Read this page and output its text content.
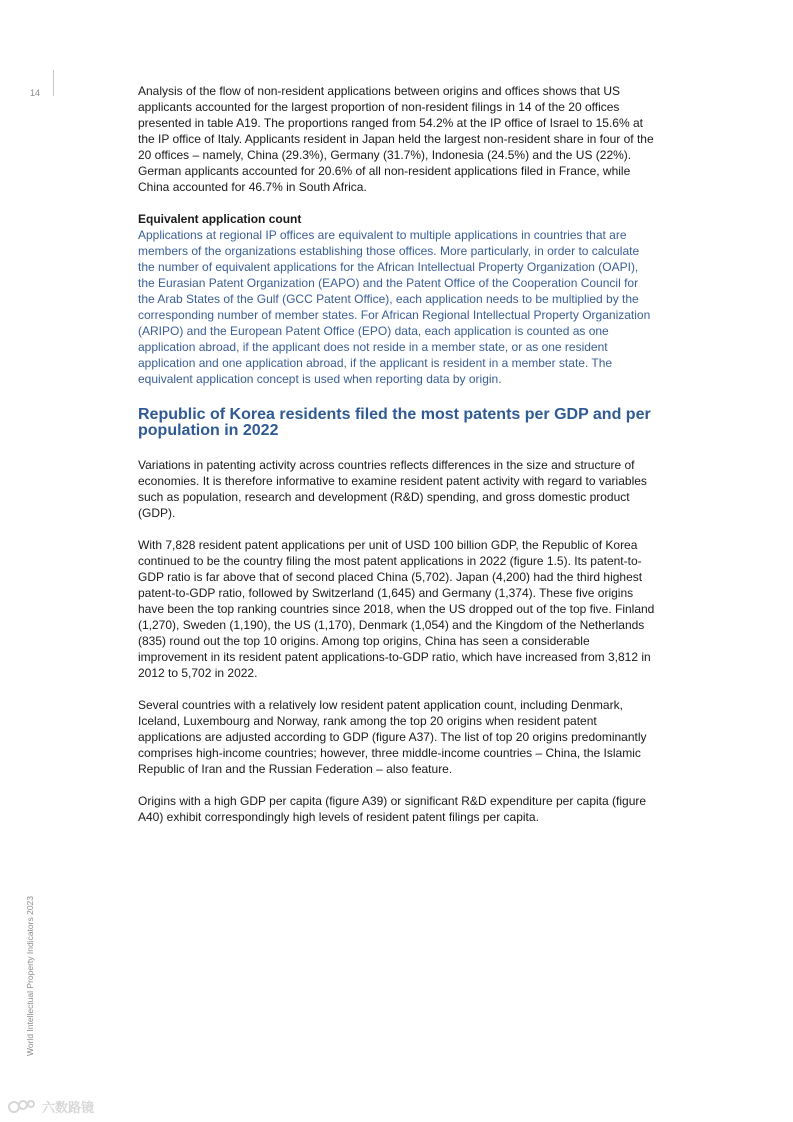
14	Analysis of the flow of non-resident applications between origins and offices shows that US applicants accounted for the largest proportion of non-resident filings in 14 of the 20 offices presented in table A19. The proportions ranged from 54.2% at the IP office of Israel to 15.6% at the IP office of Italy. Applicants resident in Japan held the largest non-resident share in four of the 20 offices – namely, China (29.3%), Germany (31.7%), Indonesia (24.5%) and the US (22%). German applicants accounted for 20.6% of all non-resident applications filed in France, while China accounted for 46.7% in South Africa.

Equivalent application count

Applications at regional IP offices are equivalent to multiple applications in countries that are members of the organizations establishing those offices. More particularly, in order to calculate the number of equivalent applications for the African Intellectual Property Organization (OAPI), the Eurasian Patent Organization (EAPO) and the Patent Office of the Cooperation Council for the Arab States of the Gulf (GCC Patent Office), each application needs to be multiplied by the corresponding number of member states. For African Regional Intellectual Property Organization (ARIPO) and the European Patent Office (EPO) data, each application is counted as one application abroad, if the applicant does not reside in a member state, or as one resident application and one application abroad, if the applicant is resident in a member state. The equivalent application concept is used when reporting data by origin.

Republic of Korea residents filed the most patents per GDP and per population in 2022

Variations in patenting activity across countries reflects differences in the size and structure of economies. It is therefore informative to examine resident patent activity with regard to variables such as population, research and development (R&D) spending, and gross domestic product (GDP).

With 7,828 resident patent applications per unit of USD 100 billion GDP, the Republic of Korea continued to be the country filing the most patent applications in 2022 (figure 1.5). Its patent-to-GDP ratio is far above that of second placed China (5,702). Japan (4,200) had the third highest patent-to-GDP ratio, followed by Switzerland (1,645) and Germany (1,374). These five origins have been the top ranking countries since 2018, when the US dropped out of the top five. Finland (1,270), Sweden (1,190), the US (1,170), Denmark (1,054) and the Kingdom of the Netherlands (835) round out the top 10 origins. Among top origins, China has seen a considerable improvement in its resident patent applications-to-GDP ratio, which have increased from 3,812 in 2012 to 5,702 in 2022.

Several countries with a relatively low resident patent application count, including Denmark, Iceland, Luxembourg and Norway, rank among the top 20 origins when resident patent applications are adjusted according to GDP (figure A37). The list of top 20 origins predominantly comprises high-income countries; however, three middle-income countries – China, the Islamic Republic of Iran and the Russian Federation – also feature.

Origins with a high GDP per capita (figure A39) or significant R&D expenditure per capita (figure A40) exhibit correspondingly high levels of resident patent filings per capita.

World Intellectual Property Indicators 2023
六数路镜
